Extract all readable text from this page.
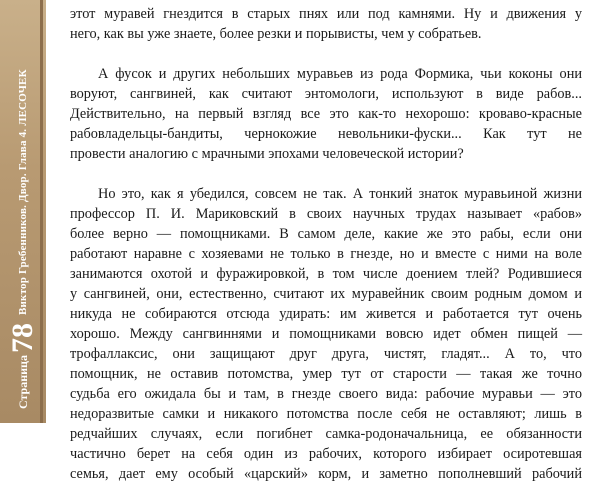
Страница
78
Виктор Гребенников. Двор. Глава 4. ЛЕСОЧЕК
этот муравей гнездится в старых пнях или под камнями. Ну и движения у
него, как вы уже знаете, более резки и порывисты, чем у собратьев.
А фусок и других небольших муравьев из рода Формика, чьи коконы они
воруют, сангвиней, как считают энтомологи, используют в виде рабов...
Действительно, на первый взгляд все это как-то нехорошо: кроваво-красные
рабовладельцы-бандиты, чернокожие невольники-фуски... Как тут не
провести аналогию с мрачными эпохами человеческой истории?
Но это, как я убедился, совсем не так. А тонкий знаток муравьиной жизни
профессор П. И. Мариковский в своих научных трудах называет «рабов»
более верно — помощниками. В самом деле, какие же это рабы, если они
работают наравне с хозяевами не только в гнезде, но и вместе с ними на воле
занимаются охотой и фуражировкой, в том числе доением тлей? Родившиеся
у сангвиней, они, естественно, считают их муравейник своим родным домом и
никуда не собираются отсюда удирать: им живется и работается тут очень
хорошо. Между сангвиннями и помощниками вовсю идет обмен пищей —
трофаллаксис, они защищают друг друга, чистят, гладят... А то, что
помощник, не оставив потомства, умер тут от старости — такая же точно
судьба его ожидала бы и там, в гнезде своего вида: рабочие муравьи — это
недоразвитые самки и никакого потомства после себя не оставляют; лишь в
редчайших случаях, если погибнет самка-родоначальница, ее обязанности
частично берет на себя один из рабочих, которого избирает осиротевшая
семья, дает ему особый «царский» корм, и заметно пополневший рабочий
